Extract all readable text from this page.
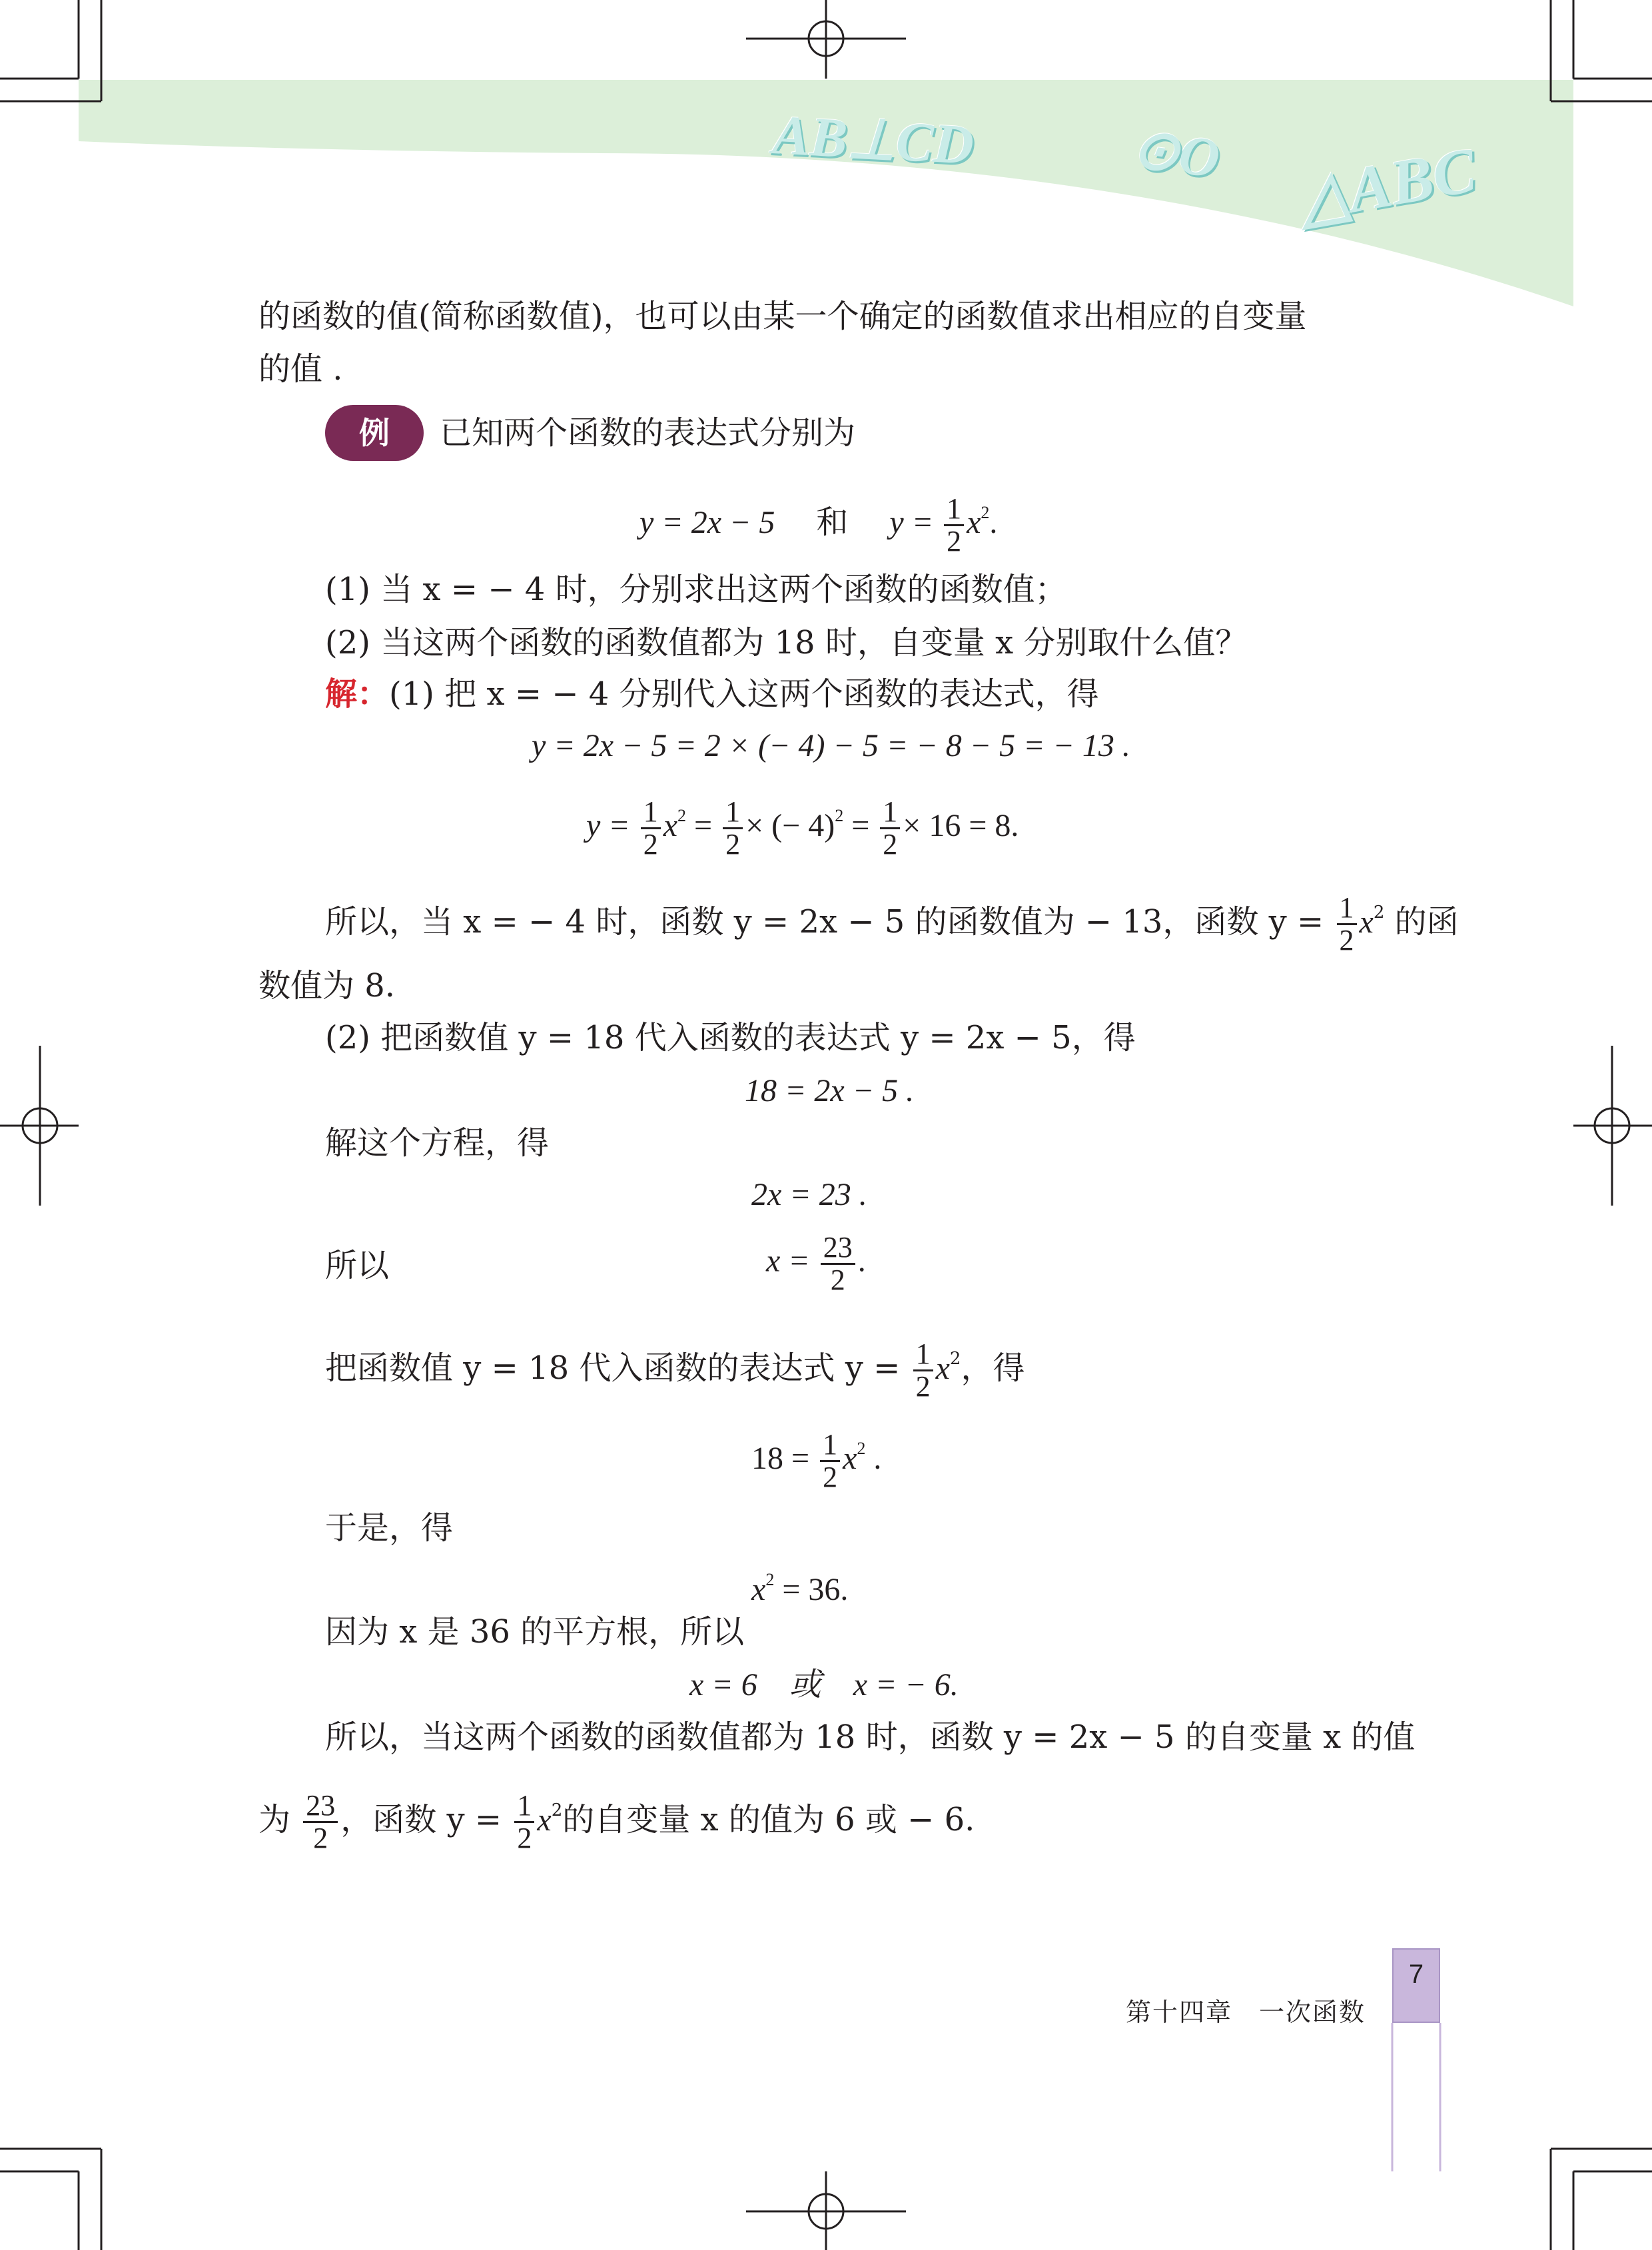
AB⊥CD	⊙O △ABC
的函数的值(简称函数值)，也可以由某一个确定的函数值求出相应的自变量
的值 .
例	已知两个函数的表达式分别为
y = 2x − 5 和 $y = \frac{1}{2} x^2$.
(1) 当 x = − 4 时，分别求出这两个函数的函数值；
(2) 当这两个函数的函数值都为 18 时，自变量 x 分别取什么值？
解：(1) 把 x = − 4 分别代入这两个函数的表达式，得
y = 2x − 5 = 2 × (− 4) − 5 = − 8 − 5 = − 13 .
$y = \frac{1}{2} x^2 = \frac{1}{2}$ × (− $4)^2 = \frac{1}{2} \times 16 = 8$.
所以，当 x = − 4 时，函数 y = 2x − 5 的函数值为 − 13，函数 $y = \frac{1}{2} x^2$ 的函
数值为 8.
(2) 把函数值 y = 18 代入函数的表达式 y = 2x − 5，得
18 = 2x − 5 .
解这个方程，得
2x = 23 .
所以	$x = \frac{23}{2}$ .
把函数值 y = 18 代入函数的表达式 $y = \frac{1}{2} x^2$，得
$18 = \frac{1}{2} x^2$ .
于是，得
$x^2 = 36$.
因为 x 是 36 的平方根，所以
x = 6　或　x = − 6.
所以，当这两个函数的函数值都为 18 时，函数 y = 2x − 5 的自变量 x 的值
为 $\frac{23}{2}$ ，函数 $y = \frac{1}{2} x^2$的自变量 x 的值为 6 或 − 6.
第十四章　一次函数
7
